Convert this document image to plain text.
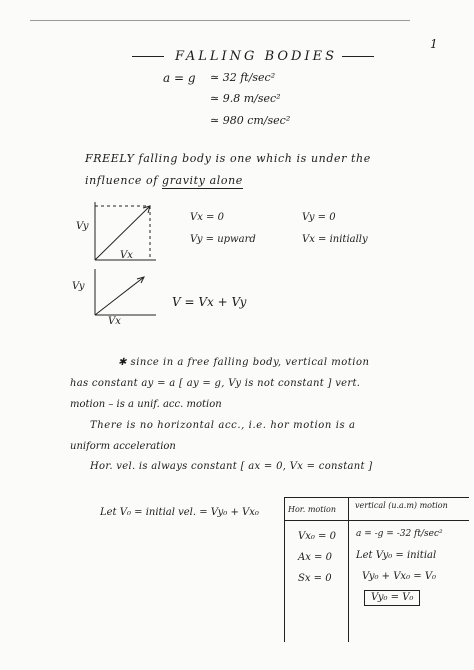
1
FALLING BODIES
a = g ≃ 32 ft/sec²
≃ 9.8 m/sec²
≃ 980 cm/sec²
FREELY falling body is one which is under the
influence of gravity alone
Vy
Vx
Vx = 0
Vy = upward
Vy = 0
Vx = initially
Vy
Vx
V = Vx + Vy
✱ since in a free falling body, vertical motion
has constant ay = a [ ay = g, Vy is not constant ] vert.
motion – is a unif. acc. motion
There is no horizontal acc., i.e. hor motion is a
uniform acceleration
Hor. vel. is always constant [ ax = 0, Vx = constant ]
Let V₀ = initial vel. = Vy₀ + Vx₀	Hor. motion vertical (u.a.m) motion
Vx₀ = 0
Ax = 0
Sx = 0
a = -g = -32 ft/sec²
Let Vy₀ = initial
Vy₀ + Vx₀ = V₀
Vy₀ = V₀
